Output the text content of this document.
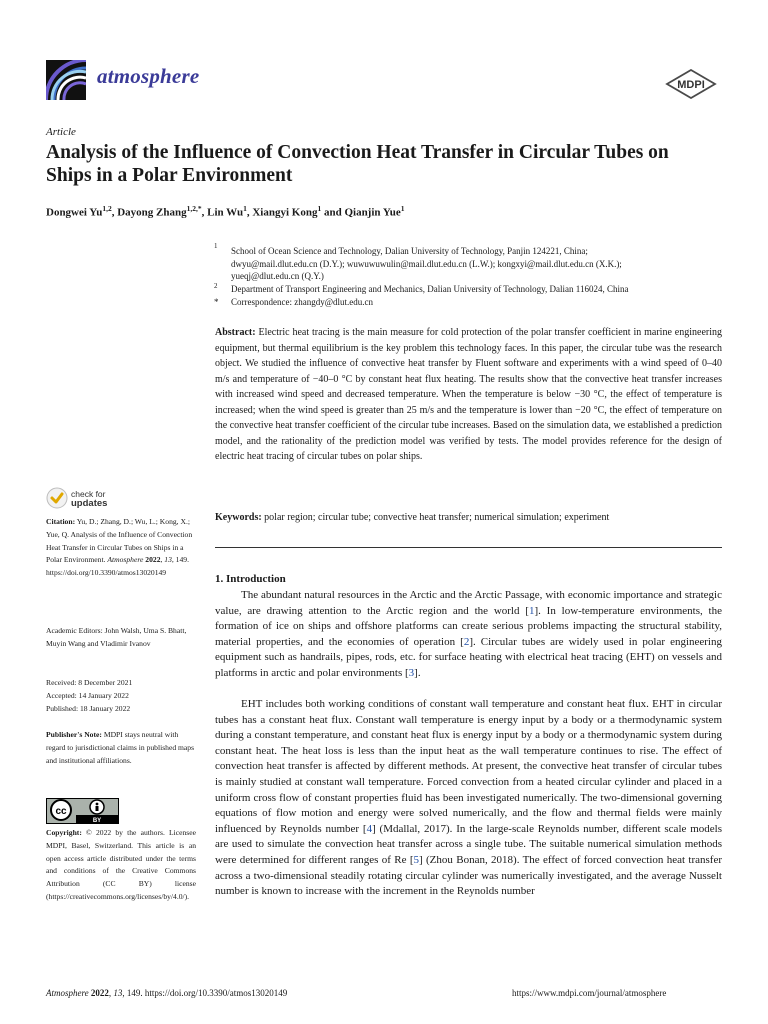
atmosphere	MDPI
Article
Analysis of the Influence of Convection Heat Transfer in Circular Tubes on Ships in a Polar Environment
Dongwei Yu$^{1,2}$, Dayong Zhang$^{1,2,*}$, Lin Wu$^1$, Xiangyi Kong$^1$ and Qianjin Yue$^1$
1 School of Ocean Science and Technology, Dalian University of Technology, Panjin 124221, China;
dwyu@mail.dlut.edu.cn (D.Y.); wuwuwuwulin@mail.dlut.edu.cn (L.W.); kongxyi@mail.dlut.edu.cn (X.K.);
yueqj@dlut.edu.cn (Q.Y.)
2 Department of Transport Engineering and Mechanics, Dalian University of Technology, Dalian 116024, China
* Correspondence: zhangdy@dlut.edu.cn
Abstract: Electric heat tracing is the main measure for cold protection of the polar transfer coefficient in marine engineering equipment, but thermal equilibrium is the key problem this technology faces. In this paper, the circular tube was the research object. We studied the influence of convective heat transfer by Fluent software and experiments with a wind speed of 0–40 m/s and temperature of −40–0 °C by constant heat flux heating. The results show that the convective heat transfer increases with increased wind speed and decreased temperature. When the temperature is below −30 °C, the effect of temperature is increased; when the wind speed is greater than 25 m/s and the temperature is lower than −20 °C, the effect of temperature on the convective heat transfer coefficient of the circular tube increases. Based on the simulation data, we established a prediction model, and the rationality of the prediction model was verified by tests. The model provides reference for the design of electric heat tracing of circular tubes on polar ships.
Keywords: polar region; circular tube; convective heat transfer; numerical simulation; experiment
check for
updates
Citation: Yu, D.; Zhang, D.; Wu, L.; Kong, X.; Yue, Q. Analysis of the Influence of Convection Heat Transfer in Circular Tubes on Ships in a Polar Environment. Atmosphere 2022, 13, 149. https://doi.org/10.3390/atmos13020149
Academic Editors: John Walsh, Uma S. Bhatt, Muyin Wang and Vladimir Ivanov
Received: 8 December 2021
Accepted: 14 January 2022
Published: 18 January 2022
Publisher's Note: MDPI stays neutral with regard to jurisdictional claims in published maps and institutional affiliations.
cc
BY
Copyright: © 2022 by the authors. Licensee MDPI, Basel, Switzerland. This article is an open access article distributed under the terms and conditions of the Creative Commons Attribution (CC BY) license (https://creativecommons.org/licenses/by/4.0/).
1. Introduction
The abundant natural resources in the Arctic and the Arctic Passage, with economic importance and strategic value, are drawing attention to the Arctic region and the world [1]. In low-temperature environments, the formation of ice on ships and offshore platforms can create serious problems impacting the structural stability, material properties, and the economies of operation [2]. Circular tubes are widely used in polar engineering equipment such as handrails, pipes, rods, etc. for surface heating with electrical heat tracing (EHT) on vessels and platforms in arctic and polar environments [3].
EHT includes both working conditions of constant wall temperature and constant heat flux. EHT in circular tubes has a constant heat flux. Constant wall temperature is energy input by a body or a thermodynamic system during a constant temperature, and constant heat flux is energy input by a body or a thermodynamic system during constant heat. The heat loss is less than the input heat as the wall temperature continues to rise. The effect of convection heat transfer is affected by different methods. At present, the convective heat transfer of circular tubes is mainly studied at constant wall temperature. Forced convection from a heated circular cylinder and placed in a uniform cross flow of constant properties fluid has been investigated numerically. The two-dimensional governing equations of flow motion and energy were solved numerically, and the flow and thermal fields were mainly influenced by Reynolds number [4] (Mdallal, 2017). In the large-scale Reynolds number, different scale models are used to simulate the convection heat transfer across a single tube. The suitable numerical simulation methods were determined for different ranges of Re [5] (Zhou Bonan, 2018). The effect of forced convection heat transfer across a two-dimensional steadily rotating circular cylinder was numerically investigated, and the average Nusselt number is known to increase with the increment in the Reynolds number
Atmosphere 2022, 13, 149. https://doi.org/10.3390/atmos13020149	https://www.mdpi.com/journal/atmosphere
